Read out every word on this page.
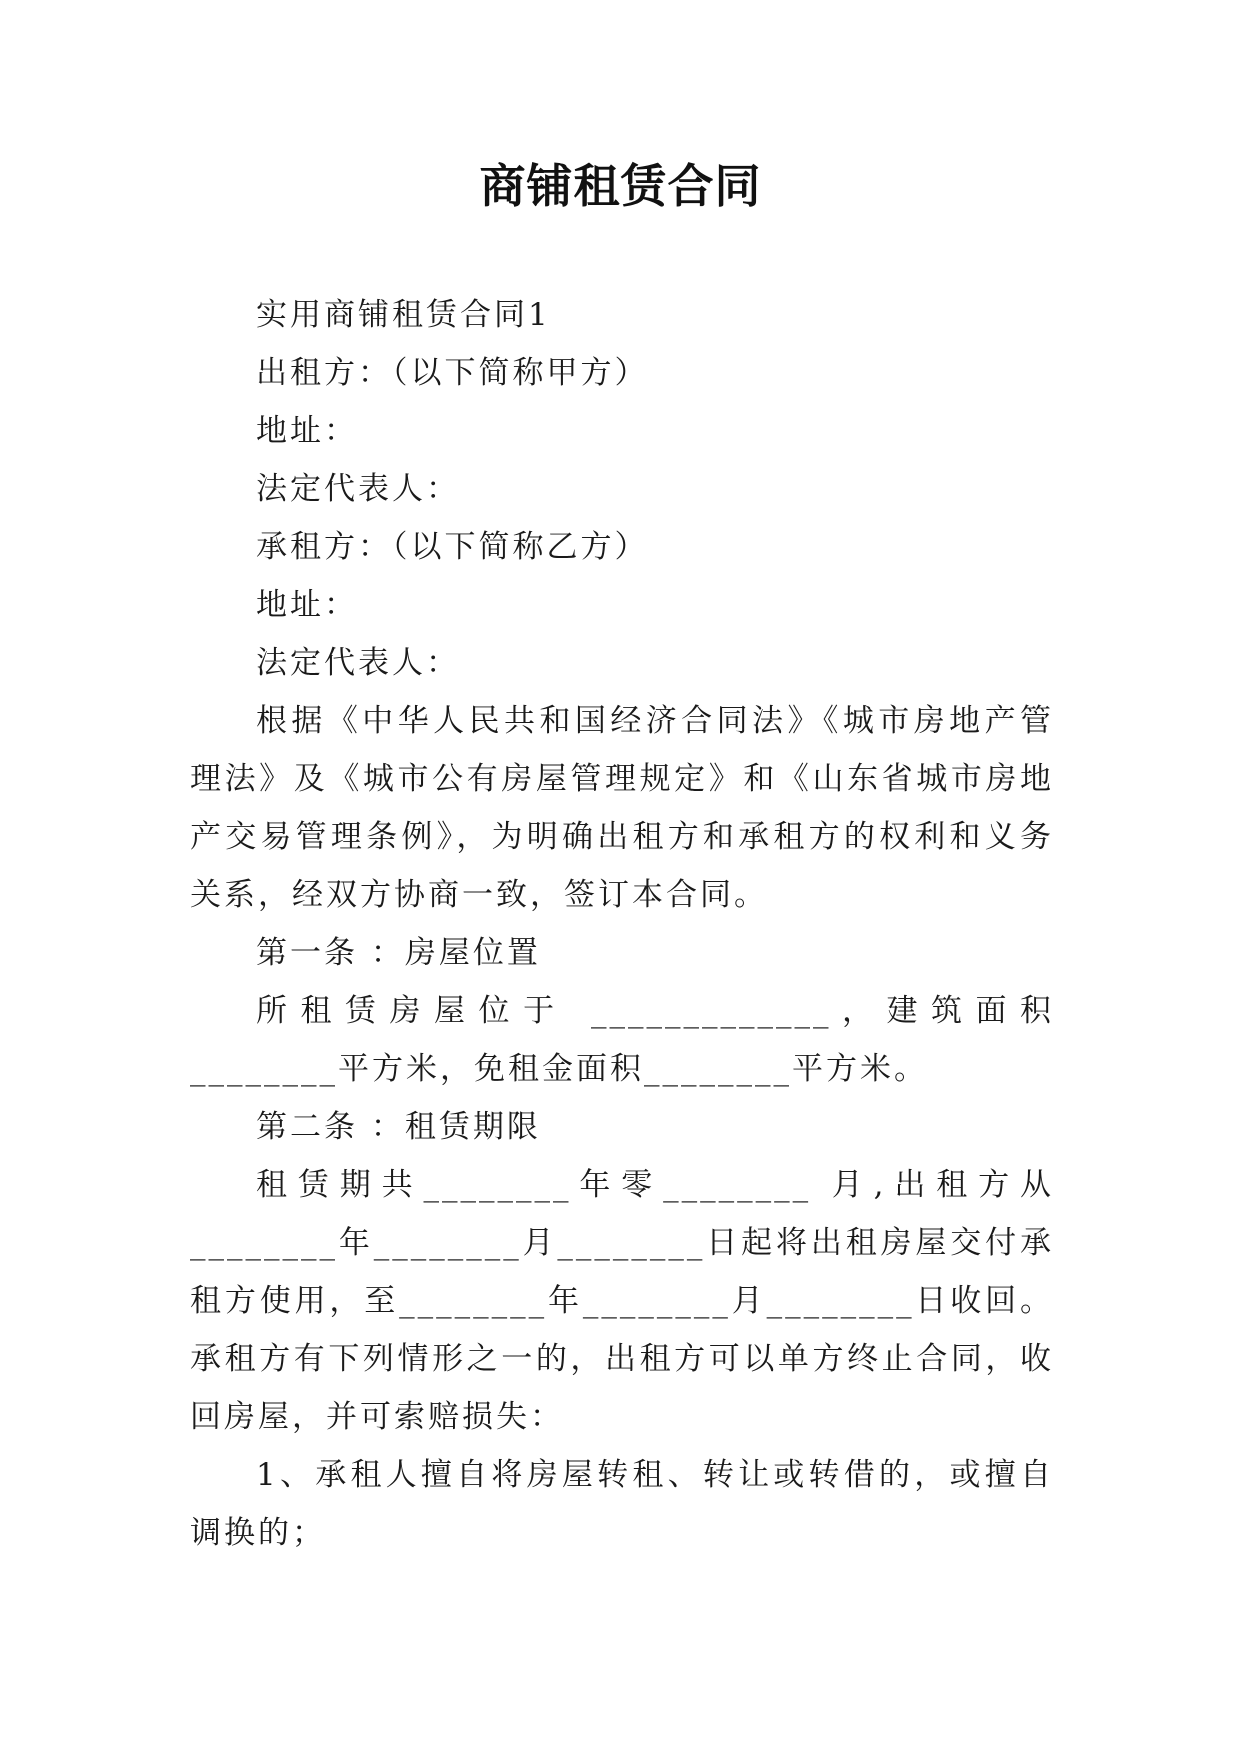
商铺租赁合同

实用商铺租赁合同1

出租方：（以下简称甲方）

地址：

法定代表人：

承租方：（以下简称乙方）

地址：

法定代表人：

根据《中华人民共和国经济合同法》《城市房地产管理法》及《城市公有房屋管理规定》和《山东省城市房地产交易管理条例》，为明确出租方和承租方的权利和义务关系，经双方协商一致，签订本合同。

第一条 ：房屋位置

所租赁房屋位于 _____________，建筑面积________平方米，免租金面积________平方米。

第二条 ：租赁期限

租赁期共________年零________ 月,出租方从________年________月________日起将出租房屋交付承租方使用，至________年________月________日收回。承租方有下列情形之一的，出租方可以单方终止合同，收回房屋，并可索赔损失：

1、承租人擅自将房屋转租、转让或转借的，或擅自调换的；
